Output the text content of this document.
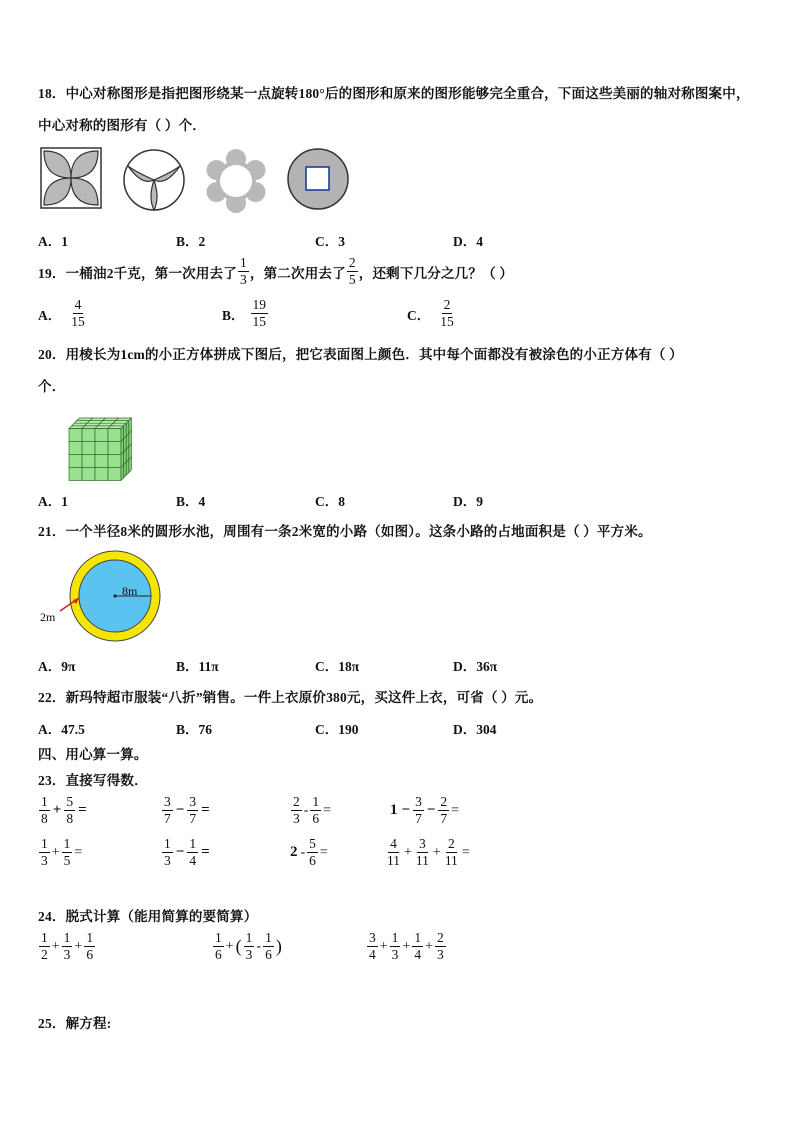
18．中心对称图形是指把图形绕某一点旋转180°后的图形和原来的图形能够完全重合，下面这些美丽的轴对称图案中，
中心对称的图形有（ ）个．
A．1	B．2	C．3	D．4
19．一桶油2千克，第一次用去了 $\frac{1}{3}$ ，第二次用去了 $\frac{2}{5}$ ，还剩下几分之几？（ ）
A． $\frac{4}{15}$	B． $\frac{19}{15}$	C． $\frac{2}{15}$
20．用棱长为1cm的小正方体拼成下图后，把它表面图上颜色．其中每个面都没有被涂色的小正方体有（ ）
个．
A．1	B．4	C．8	D．9
21．一个半径8米的圆形水池，周围有一条2米宽的小路（如图）。这条小路的占地面积是（ ）平方米。
8m
2m
A．9π	B．11π	C．18π	D．36π
22．新玛特超市服装“八折”销售。一件上衣原价380元，买这件上衣，可省（ ）元。
A．47.5	B．76	C．190	D．304
四、用心算一算。
23．直接写得数．
$\frac{1}{8} + \frac{5}{8}$ =	$\frac{3}{7} - \frac{3}{7}$ =	$\frac{2}{3} - \frac{1}{6}$ =	$1 - \frac{3}{7} - \frac{2}{7}$ =
$\frac{1}{3} + \frac{1}{5}$ =	$\frac{1}{3} - \frac{1}{4}$ =	$2 - \frac{5}{6}$ =	$\frac{4}{11} + \frac{3}{11} + \frac{2}{11}$ =
24．脱式计算（能用简算的要简算）
$\frac{1}{2} + \frac{1}{3} + \frac{1}{6}$	$\frac{1}{6}$ + ( $\frac{1}{3} - \frac{1}{6}$ )	$\frac{3}{4} + \frac{1}{3} + \frac{1}{4} + \frac{2}{3}$
25．解方程:
